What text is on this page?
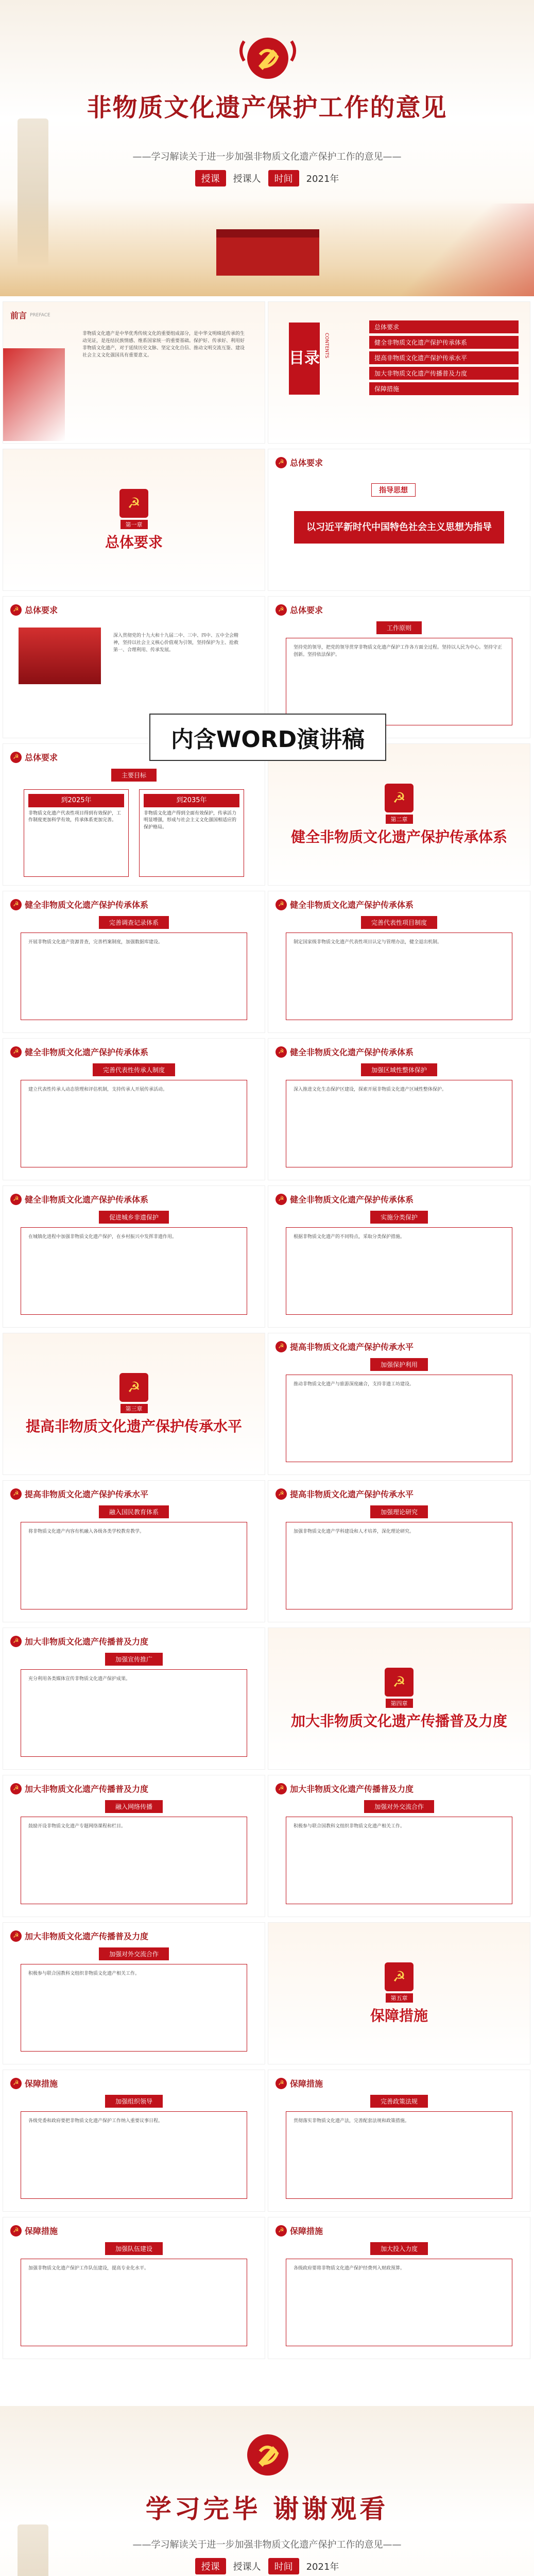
非物质文化遗产保护工作的意见
——学习解读关于进一步加强非物质文化遗产保护工作的意见——
授课	授课人	时间	2021年
前言 PREFACE
非物质文化遗产是中华优秀传统文化的重要组成部分，是中华文明绵延传承的生动见证，是连结民族情感、维系国家统一的重要基础。保护好、传承好、利用好非物质文化遗产，对于延续历史文脉、坚定文化自信、推动文明交流互鉴、建设社会主义文化强国具有重要意义。	目录
CONTENTS
总体要求
健全非物质文化遗产保护传承体系
提高非物质文化遗产保护传承水平
加大非物质文化遗产传播普及力度
保障措施
☭
第一章
总体要求
☭ 总体要求
指导思想
以习近平新时代中国特色社会主义思想为指导
☭ 总体要求
深入贯彻党的十九大和十九届二中、三中、四中、五中全会精神，坚持以社会主义核心价值观为引领，坚持保护为主、抢救第一、合理利用、传承发展。
☭ 总体要求
工作原则
坚持党的领导，把党的领导贯穿非物质文化遗产保护工作各方面全过程。坚持以人民为中心。坚持守正创新。坚持依法保护。
☭ 总体要求
主要目标
到2025年
非物质文化遗产代表性项目得到有效保护，工作制度更加科学有效，传承体系更加完善。
到2035年
非物质文化遗产得到全面有效保护，传承活力明显增强，形成与社会主义文化强国相适应的保护格局。
☭
第二章
健全非物质文化遗产保护传承体系
☭ 健全非物质文化遗产保护传承体系
完善调查记录体系
开展非物质文化遗产资源普查，完善档案制度，加强数据库建设。
☭ 健全非物质文化遗产保护传承体系
完善代表性项目制度
制定国家级非物质文化遗产代表性项目认定与管理办法，健全退出机制。
☭ 健全非物质文化遗产保护传承体系
完善代表性传承人制度
建立代表性传承人动态管理和评估机制，支持传承人开展传承活动。
☭ 健全非物质文化遗产保护传承体系
加强区域性整体保护
深入推进文化生态保护区建设，探索开展非物质文化遗产区域性整体保护。
☭ 健全非物质文化遗产保护传承体系
促进城乡非遗保护
在城镇化进程中加强非物质文化遗产保护，在乡村振兴中发挥非遗作用。
☭ 健全非物质文化遗产保护传承体系
实施分类保护
根据非物质文化遗产的不同特点，采取分类保护措施。
☭
第三章
提高非物质文化遗产保护传承水平
☭ 提高非物质文化遗产保护传承水平
加强保护利用
推动非物质文化遗产与旅游深度融合，支持非遗工坊建设。
☭ 提高非物质文化遗产保护传承水平
融入国民教育体系
将非物质文化遗产内容有机融入各级各类学校教育教学。
☭ 提高非物质文化遗产保护传承水平
加强理论研究
加强非物质文化遗产学科建设和人才培养，深化理论研究。
☭ 加大非物质文化遗产传播普及力度
加强宣传推广
充分利用各类媒体宣传非物质文化遗产保护成果。	☭
第四章
加大非物质文化遗产传播普及力度
☭ 加大非物质文化遗产传播普及力度
融入网络传播
鼓励开设非物质文化遗产专题网络课程和栏目。
☭ 加大非物质文化遗产传播普及力度
加强对外交流合作
积极参与联合国教科文组织非物质文化遗产相关工作。
☭ 加大非物质文化遗产传播普及力度
加强对外交流合作
积极参与联合国教科文组织非物质文化遗产相关工作。	☭
第五章
保障措施
☭ 保障措施
加强组织领导
各级党委和政府要把非物质文化遗产保护工作纳入重要议事日程。
☭ 保障措施
完善政策法规
贯彻落实非物质文化遗产法，完善配套法规和政策措施。
☭ 保障措施
加强队伍建设
加强非物质文化遗产保护工作队伍建设，提高专业化水平。
☭ 保障措施
加大投入力度
各级政府要将非物质文化遗产保护经费列入财政预算。
内含WORD演讲稿
学习完毕 谢谢观看
——学习解读关于进一步加强非物质文化遗产保护工作的意见——
授课	授课人	时间	2021年
